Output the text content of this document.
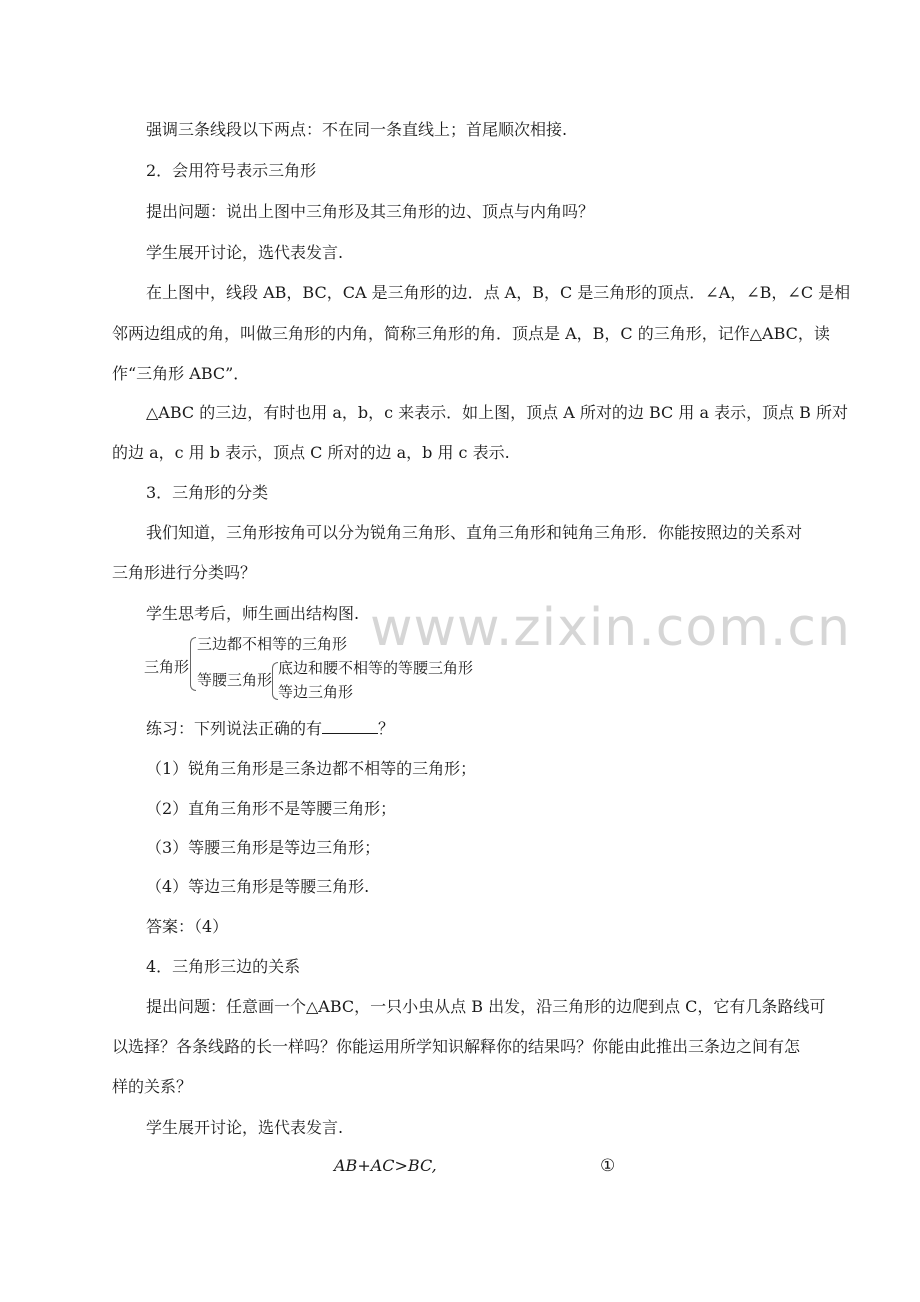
www.zixin.com.cn
强调三条线段以下两点：不在同一条直线上；首尾顺次相接.
2．会用符号表示三角形
提出问题：说出上图中三角形及其三角形的边、顶点与内角吗？
学生展开讨论，选代表发言.
在上图中，线段 AB，BC，CA 是三角形的边．点 A，B，C 是三角形的顶点．∠A，∠B，∠C 是相
邻两边组成的角，叫做三角形的内角，简称三角形的角．顶点是 A，B，C 的三角形，记作△ABC，读
作“三角形 ABC”．
△ABC 的三边，有时也用 a，b，c 来表示．如上图，顶点 A 所对的边 BC 用 a 表示，顶点 B 所对
的边 a，c 用 b 表示，顶点 C 所对的边 a，b 用 c 表示.
3．三角形的分类
我们知道，三角形按角可以分为锐角三角形、直角三角形和钝角三角形．你能按照边的关系对
三角形进行分类吗？
学生思考后，师生画出结构图.
三角形
三边都不相等的三角形
等腰三角形
底边和腰不相等的等腰三角形
等边三角形
练习：下列说法正确的有	？
（1）锐角三角形是三条边都不相等的三角形；
（2）直角三角形不是等腰三角形；
（3）等腰三角形是等边三角形；
（4）等边三角形是等腰三角形.
答案：（4）
4．三角形三边的关系
提出问题：任意画一个△ABC，一只小虫从点 B 出发，沿三角形的边爬到点 C，它有几条路线可
以选择？各条线路的长一样吗？你能运用所学知识解释你的结果吗？你能由此推出三条边之间有怎
样的关系？
学生展开讨论，选代表发言.
AB+AC>BC,	①
